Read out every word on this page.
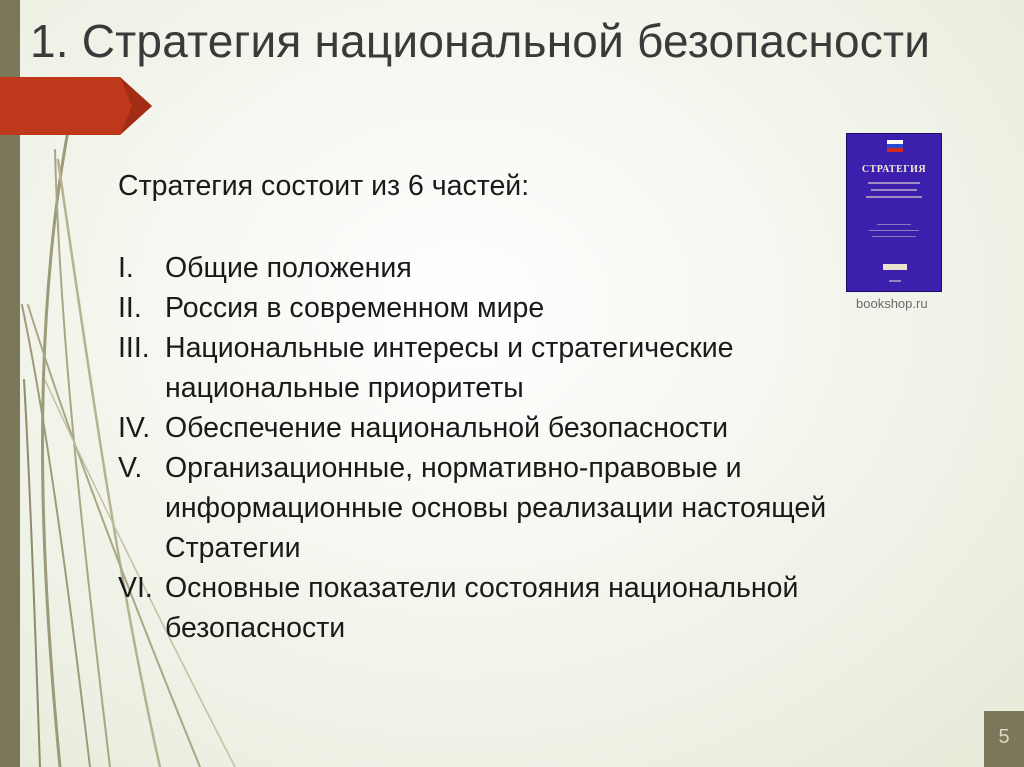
1. Стратегия национальной безопасности

Стратегия состоит из 6 частей:

I.	Общие положения
II. Россия в современном мире
III. Национальные интересы и стратегические национальные приоритеты
IV. Обеспечение национальной безопасности
V. Организационные, нормативно-правовые и информационные основы реализации настоящей Стратегии
VI. Основные показатели состояния национальной безопасности

СТРАТЕГИЯ

bookshop.ru

5
